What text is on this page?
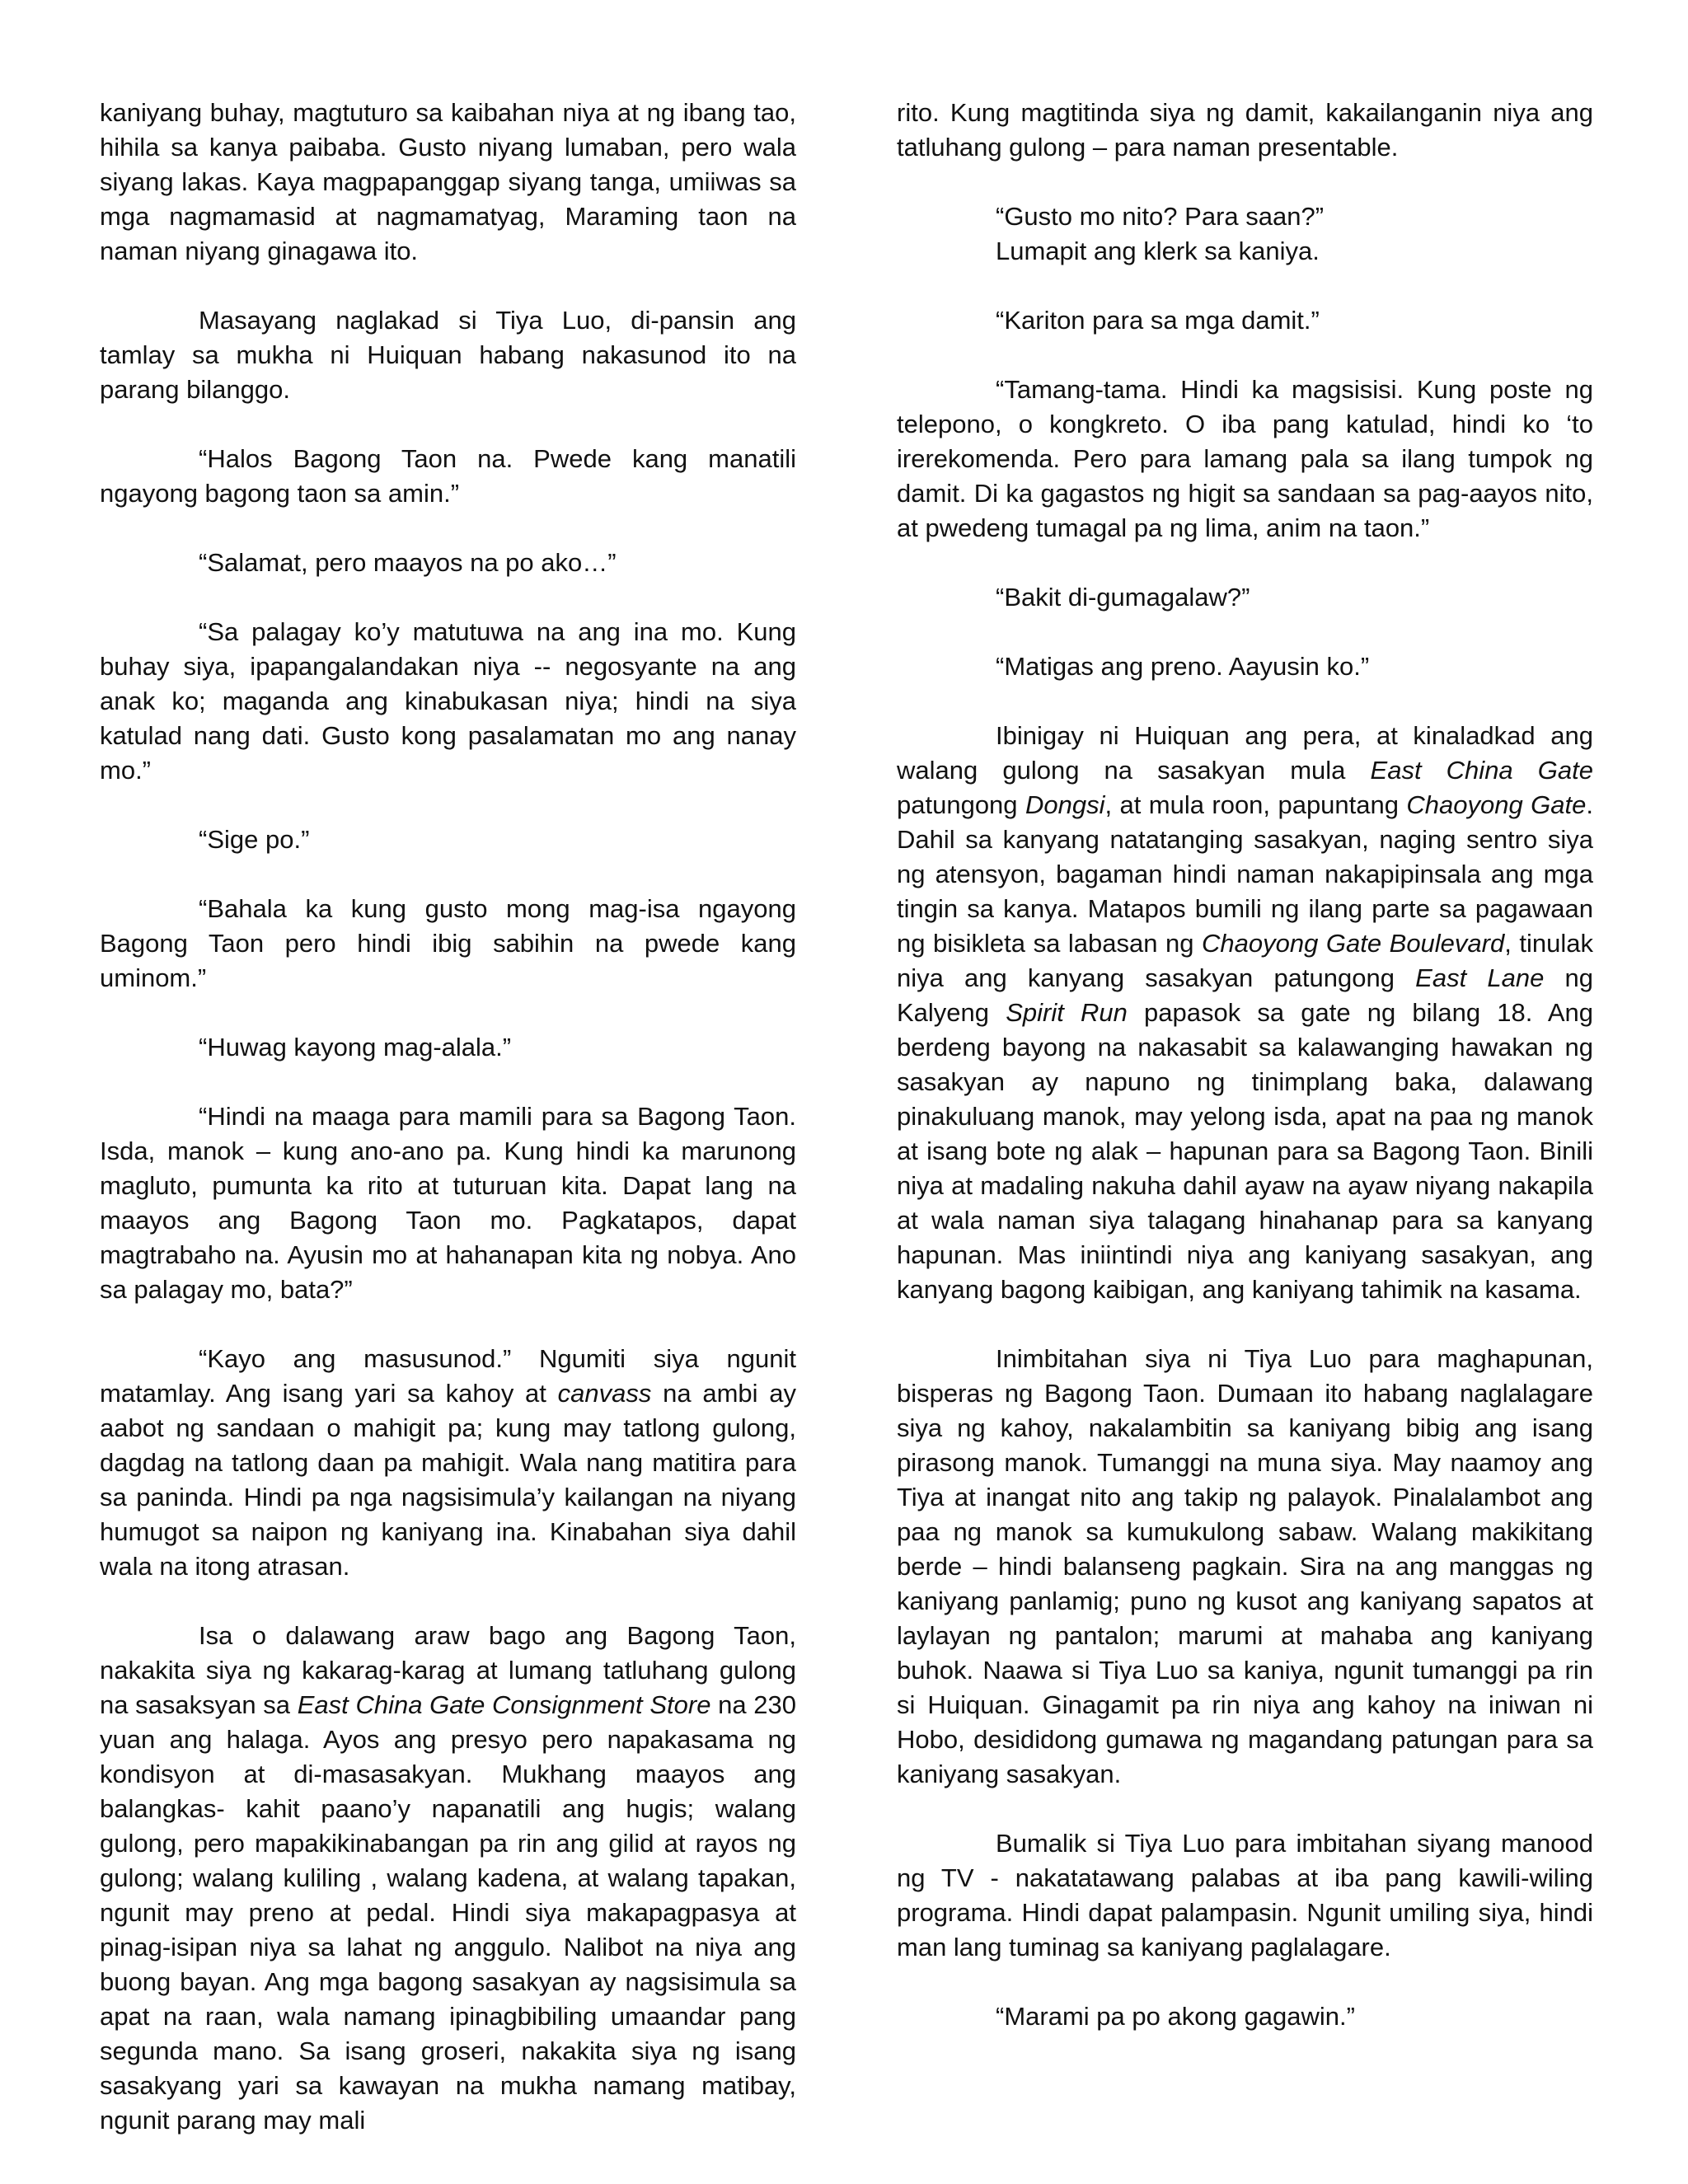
kaniyang buhay, magtuturo sa kaibahan niya at ng ibang tao, hihila sa kanya paibaba. Gusto niyang lumaban, pero wala siyang lakas. Kaya magpapanggap siyang tanga, umiiwas sa mga nagmamasid at nagmamatyag, Maraming taon na naman niyang ginagawa ito.

Masayang naglakad si Tiya Luo, di-pansin ang tamlay sa mukha ni Huiquan habang nakasunod ito na parang bilanggo.

“Halos Bagong Taon na. Pwede kang manatili ngayong bagong taon sa amin.”

“Salamat, pero maayos na po ako…”

“Sa palagay ko’y matutuwa na ang ina mo. Kung buhay siya, ipapangalandakan niya -- negosyante na ang anak ko; maganda ang kinabukasan niya; hindi na siya katulad nang dati. Gusto kong pasalamatan mo ang nanay mo.”

“Sige po.”

“Bahala ka kung gusto mong mag-isa ngayong Bagong Taon pero hindi ibig sabihin na pwede kang uminom.”

“Huwag kayong mag-alala.”

“Hindi na maaga para mamili para sa Bagong Taon. Isda, manok – kung ano-ano pa. Kung hindi ka marunong magluto, pumunta ka rito at tuturuan kita. Dapat lang na maayos ang Bagong Taon mo. Pagkatapos, dapat magtrabaho na. Ayusin mo at hahanapan kita ng nobya. Ano sa palagay mo, bata?”

“Kayo ang masusunod.” Ngumiti siya ngunit matamlay. Ang isang yari sa kahoy at canvass na ambi ay aabot ng sandaan o mahigit pa; kung may tatlong gulong, dagdag na tatlong daan pa mahigit. Wala nang matitira para sa paninda. Hindi pa nga nagsisimula’y kailangan na niyang humugot sa naipon ng kaniyang ina. Kinabahan siya dahil wala na itong atrasan.

Isa o dalawang araw bago ang Bagong Taon, nakakita siya ng kakarag-karag at lumang tatluhang gulong na sasaksyan sa East China Gate Consignment Store na 230 yuan ang halaga. Ayos ang presyo pero napakasama ng kondisyon at di-masasakyan. Mukhang maayos ang balangkas- kahit paano’y napanatili ang hugis; walang gulong, pero mapakikinabangan pa rin ang gilid at rayos ng gulong; walang kuliling , walang kadena, at walang tapakan, ngunit may preno at pedal. Hindi siya makapagpasya at pinag-isipan niya sa lahat ng anggulo. Nalibot na niya ang buong bayan. Ang mga bagong sasakyan ay nagsisimula sa apat na raan, wala namang ipinagbibiling umaandar pang segunda mano. Sa isang groseri, nakakita siya ng isang sasakyang yari sa kawayan na mukha namang matibay, ngunit parang may mali

rito. Kung magtitinda siya ng damit, kakailanganin niya ang tatluhang gulong – para naman presentable.

“Gusto mo nito? Para saan?”
Lumapit ang klerk sa kaniya.

“Kariton para sa mga damit.”

“Tamang-tama. Hindi ka magsisisi. Kung poste ng telepono, o kongkreto. O iba pang katulad, hindi ko ‘to irerekomenda. Pero para lamang pala sa ilang tumpok ng damit. Di ka gagastos ng higit sa sandaan sa pag-aayos nito, at pwedeng tumagal pa ng lima, anim na taon.”

“Bakit di-gumagalaw?”

“Matigas ang preno. Aayusin ko.”

Ibinigay ni Huiquan ang pera, at kinaladkad ang walang gulong na sasakyan mula East China Gate patungong Dongsi, at mula roon, papuntang Chaoyong Gate. Dahil sa kanyang natatanging sasakyan, naging sentro siya ng atensyon, bagaman hindi naman nakapipinsala ang mga tingin sa kanya. Matapos bumili ng ilang parte sa pagawaan ng bisikleta sa labasan ng Chaoyong Gate Boulevard, tinulak niya ang kanyang sasakyan patungong East Lane ng Kalyeng Spirit Run papasok sa gate ng bilang 18. Ang berdeng bayong na nakasabit sa kalawanging hawakan ng sasakyan ay napuno ng tinimplang baka, dalawang pinakuluang manok, may yelong isda, apat na paa ng manok at isang bote ng alak – hapunan para sa Bagong Taon. Binili niya at madaling nakuha dahil ayaw na ayaw niyang nakapila at wala naman siya talagang hinahanap para sa kanyang hapunan. Mas iniintindi niya ang kaniyang sasakyan, ang kanyang bagong kaibigan, ang kaniyang tahimik na kasama.

Inimbitahan siya ni Tiya Luo para maghapunan, bisperas ng Bagong Taon. Dumaan ito habang naglalagare siya ng kahoy, nakalambitin sa kaniyang bibig ang isang pirasong manok. Tumanggi na muna siya. May naamoy ang Tiya at inangat nito ang takip ng palayok. Pinalalambot ang paa ng manok sa kumukulong sabaw. Walang makikitang berde – hindi balanseng pagkain. Sira na ang manggas ng kaniyang panlamig; puno ng kusot ang kaniyang sapatos at laylayan ng pantalon; marumi at mahaba ang kaniyang buhok. Naawa si Tiya Luo sa kaniya, ngunit tumanggi pa rin si Huiquan. Ginagamit pa rin niya ang kahoy na iniwan ni Hobo, desididong gumawa ng magandang patungan para sa kaniyang sasakyan.

Bumalik si Tiya Luo para imbitahan siyang manood ng TV - nakatatawang palabas at iba pang kawili-wiling programa. Hindi dapat palampasin. Ngunit umiling siya, hindi man lang tuminag sa kaniyang paglalagare.

“Marami pa po akong gagawin.”
